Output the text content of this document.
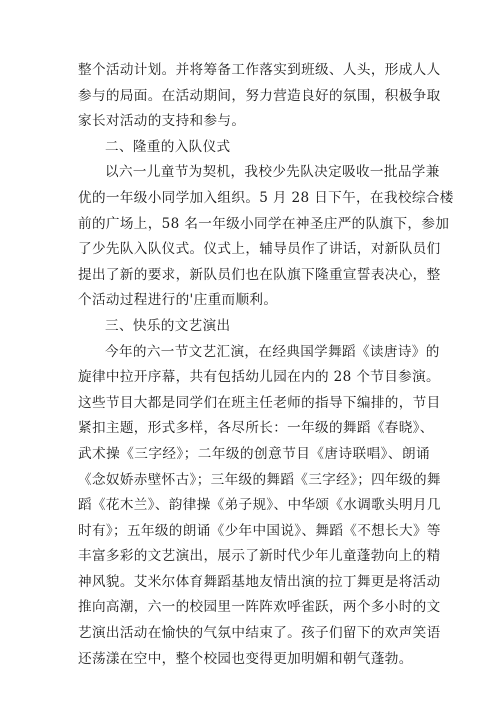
整个活动计划。并将筹备工作落实到班级、人头，形成人人
参与的局面。在活动期间，努力营造良好的氛围，积极争取
家长对活动的支持和参与。
二、隆重的入队仪式
以六一儿童节为契机，我校少先队决定吸收一批品学兼
优的一年级小同学加入组织。5 月 28 日下午，在我校综合楼
前的广场上，58 名一年级小同学在神圣庄严的队旗下，参加
了少先队入队仪式。仪式上，辅导员作了讲话，对新队员们
提出了新的要求，新队员们也在队旗下隆重宣誓表决心，整
个活动过程进行的'庄重而顺利。
三、快乐的文艺演出
今年的六一节文艺汇演，在经典国学舞蹈《读唐诗》的
旋律中拉开序幕，共有包括幼儿园在内的 28 个节目参演。
这些节目大都是同学们在班主任老师的指导下编排的，节目
紧扣主题，形式多样，各尽所长：一年级的舞蹈《春晓》、
武术操《三字经》；二年级的创意节目《唐诗联唱》、朗诵
《念奴娇赤壁怀古》；三年级的舞蹈《三字经》；四年级的舞
蹈《花木兰》、韵律操《弟子规》、中华颂《水调歌头明月几
时有》；五年级的朗诵《少年中国说》、舞蹈《不想长大》等
丰富多彩的文艺演出，展示了新时代少年儿童蓬勃向上的精
神风貌。艾米尔体育舞蹈基地友情出演的拉丁舞更是将活动
推向高潮，六一的校园里一阵阵欢呼雀跃，两个多小时的文
艺演出活动在愉快的气氛中结束了。孩子们留下的欢声笑语
还荡漾在空中，整个校园也变得更加明媚和朝气蓬勃。
